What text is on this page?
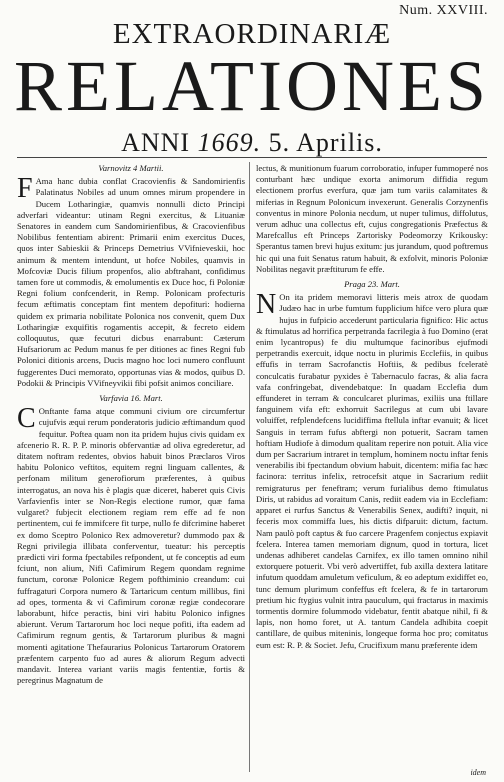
Num. XXVIII.
EXTRAORDINARIÆ
RELATIONES
ANNI 1669. 5. Aprilis.
Varnovitz 4 Martii.

F Ama hanc dubia conflat Cracovienfis & Sandomirienfis Palatinatus Nobiles ad unum omnes mirum propendere in Ducem Lotharingiæ, quamvis nonnulli dicto Principi adverfari videantur: utinam Regni exercitus, & Lituaniæ Senatores in eandem cum Sandomirienfibus, & Cracovienfibus Nobilibus fententiam abirent: Primarii enim exercitus Duces, quos inter Sabieskii & Princeps Demetrius VVifnieveskii, hoc animum & mentem intendunt, ut hofce Nobiles, quamvis in Mofcoviæ Ducis filium propenfos, alio abftrahant, confidimus tamen fore ut commodis, & emolumentis ex Duce hoc, fi Poloniæ Regni folium confcenderit, in Remp. Polonicam profecturis fecum æftimatis conceptam fint mentem depofituri: hodierna quidem ex primaria nobilitate Polonica nos convenit, quem Dux Lotharingiæ exquifitis rogamentis accepit, & fecreto eidem colloquutus, quæ fecuturi dicbus enarrabunt: Cæterum Hufsariorum ac Pedum manus fe per ditiones ac fines Regni fub Polonici ditionis arcens, Ducis magno hoc loci numero confluunt fuggerentes Duci memorato, opportunas vias & modos, quibus D. Podokii & Principis VVifneyvikii fibi pofsit animos conciliare.

Varfavia 16. Mart.

C Onftante fama atque communi civium ore circumfertur cujufvis æqui rerum ponderatoris judicio æftimandum quod fequitur. Poftea quam non ita pridem hujus civis quidam ex afcenerio R. R. P. P. minoris obfervantiæ ad oliva egrederetur, ad ditatem noftram redentes, obvios habuit binos Præclaros Viros habitu Polonico veftitos, equitem regni linguam callentes, & perfonam militum generofiorum præferentes, à quibus interrogatus, an nova his è plagis quæ diceret, haberet quis Civis Varfavienfis inter se Non-Regis electione rumor, quæ fama vulgaret? fubjecit electionem regiam rem effe ad fe non pertinentem, cui fe immifcere fit turpe, nullo fe difcrimine haberet ex domo Sceptro Polonico Rex admoveretur? dummodo pax & Regni privilegia illibata conferventur, tueatur: his perceptis prædicti viri forma fpectabiles refpondent, ut fe conceptis ad eum fciunt, non alium, Nifi Cafimirum Regem quondam regnime functum, coronæ Polonicæ Regem pofthiminio creandum: cui fuffragaturi Corpora numero & Tartaricum centum millibus, fini ad opes, tormenta & vi Cafimirum coronæ regiæ condecorare laborabunt, hifce peractis, bini viri habitu Polonico infignes abierunt. Verum Tartarorum hoc loci neque pofiti, ifta eadem ad Cafimirum regnum gentis, & Tartarorum pluribus & magni momenti agitatione Thefaurarius Polonicus Tartarorum Oratorem præfentem carpento fuo ad aures & aliorum Regum advecti mandavit. Interea variant variis magis fententiæ, fortis & peregrinus Magnatum de

lectus, & munitionum fuarum corroboratio, infuper fummoperé nos conturbant hæc undique exorta animorum diffidia regum electionem prorfus everfura, quæ jam tum variis calamitates & miferias in Regnum Polonicum invexerunt. Generalis Corzynenfis conventus in minore Polonia necdum, ut nuper tulimus, diffolutus, verum adhuc una collectus eft, cujus congregationis Præfectus & Marefcallus eft Princeps Zartorisky Podeomorzy Krikousky: Sperantus tamen brevi hujus exitum: jus jurandum, quod poftremus hic qui una fuit Senatus ratum habuit, & exfolvit, minoris Poloniæ Nobilitas negavit præftiturum fe effe.

Praga 23. Mart.

N On ita pridem memoravi litteris meis atrox de quodam Judæo hac in urbe fumtum fupplicium hifce vero plura quæ hujus in fufpicio accederunt particularia fignifico: Hic actus & ftimulatus ad horrifica perpetranda facrilegia à fuo Domino (erat enim lycantropus) fe diu multumque facinoribus ejufmodi perpetrandis exercuit, idque noctu in plurimis Ecclefiis, in quibus effufis in terram Sacrofanctis Hoftiis, & pedibus fceleratè conculcatis furabatur pyxides è Tabernaculo facras, & alia facra vafa confringebat, divendebatque: In quadam Ecclefia dum effunderet in terram & conculcaret plurimas, exiliis una ftillare fanguinem vifa eft: exhorruit Sacrilegus at cum ubi lavare voluiffet, refplendefcens lucidiffima ftellula inftar evanuit; & licet Sanguis in terram fufus abftergi non potuerit, Sacram tamen hoftiam Hudiofe à dimodum qualitam reperire non potuit. Alia vice dum per Sacrarium intraret in templum, hominem noctu inftar fenis venerabilis ibi fpectandum obvium habuit, dicentem: mifia fac hæc facinora: territus infelix, retrocefsit atque in Sacrarium rediit remigraturus per feneftram; verum furialibus demo ftimulatus Diris, ut rabidus ad voraitum Canis, rediit eadem via in Ecclefiam: apparet ei rurfus Sanctus & Venerabilis Senex, audifti? inquit, ni feceris mox commiffa lues, his dictis difparuit: dictum, factum. Nam paulò poft captus & fuo carcere Pragenfem conjectus expiavit fcelera. Interea tamen memoriam dignum, quod in tortura, licet undenas adhiberet candelas Carnifex, ex illo tamen omnino nihil extorquere potuerit. Vbi verò advertiffet, fub axilla dextera latitare infutum quoddam amuletum veficulum, & eo adeptum exidiffet eo, tunc demum plurimum confeffus eft fcelera, & fe in tartarorum pretium hic ftygius vulnit intra pauculum, qui fractarus in maximis tormentis dormire folummodo videbatur, fentit abatque nihil, fi & lapis, non homo foret, ut A. tantum Candela adhibita coepit cantillare, de quibus miteninis, longeque forma hoc pro; comitatus eum est: R. P. & Societ. Jefu, Crucifixum manu præferente idem

idem
